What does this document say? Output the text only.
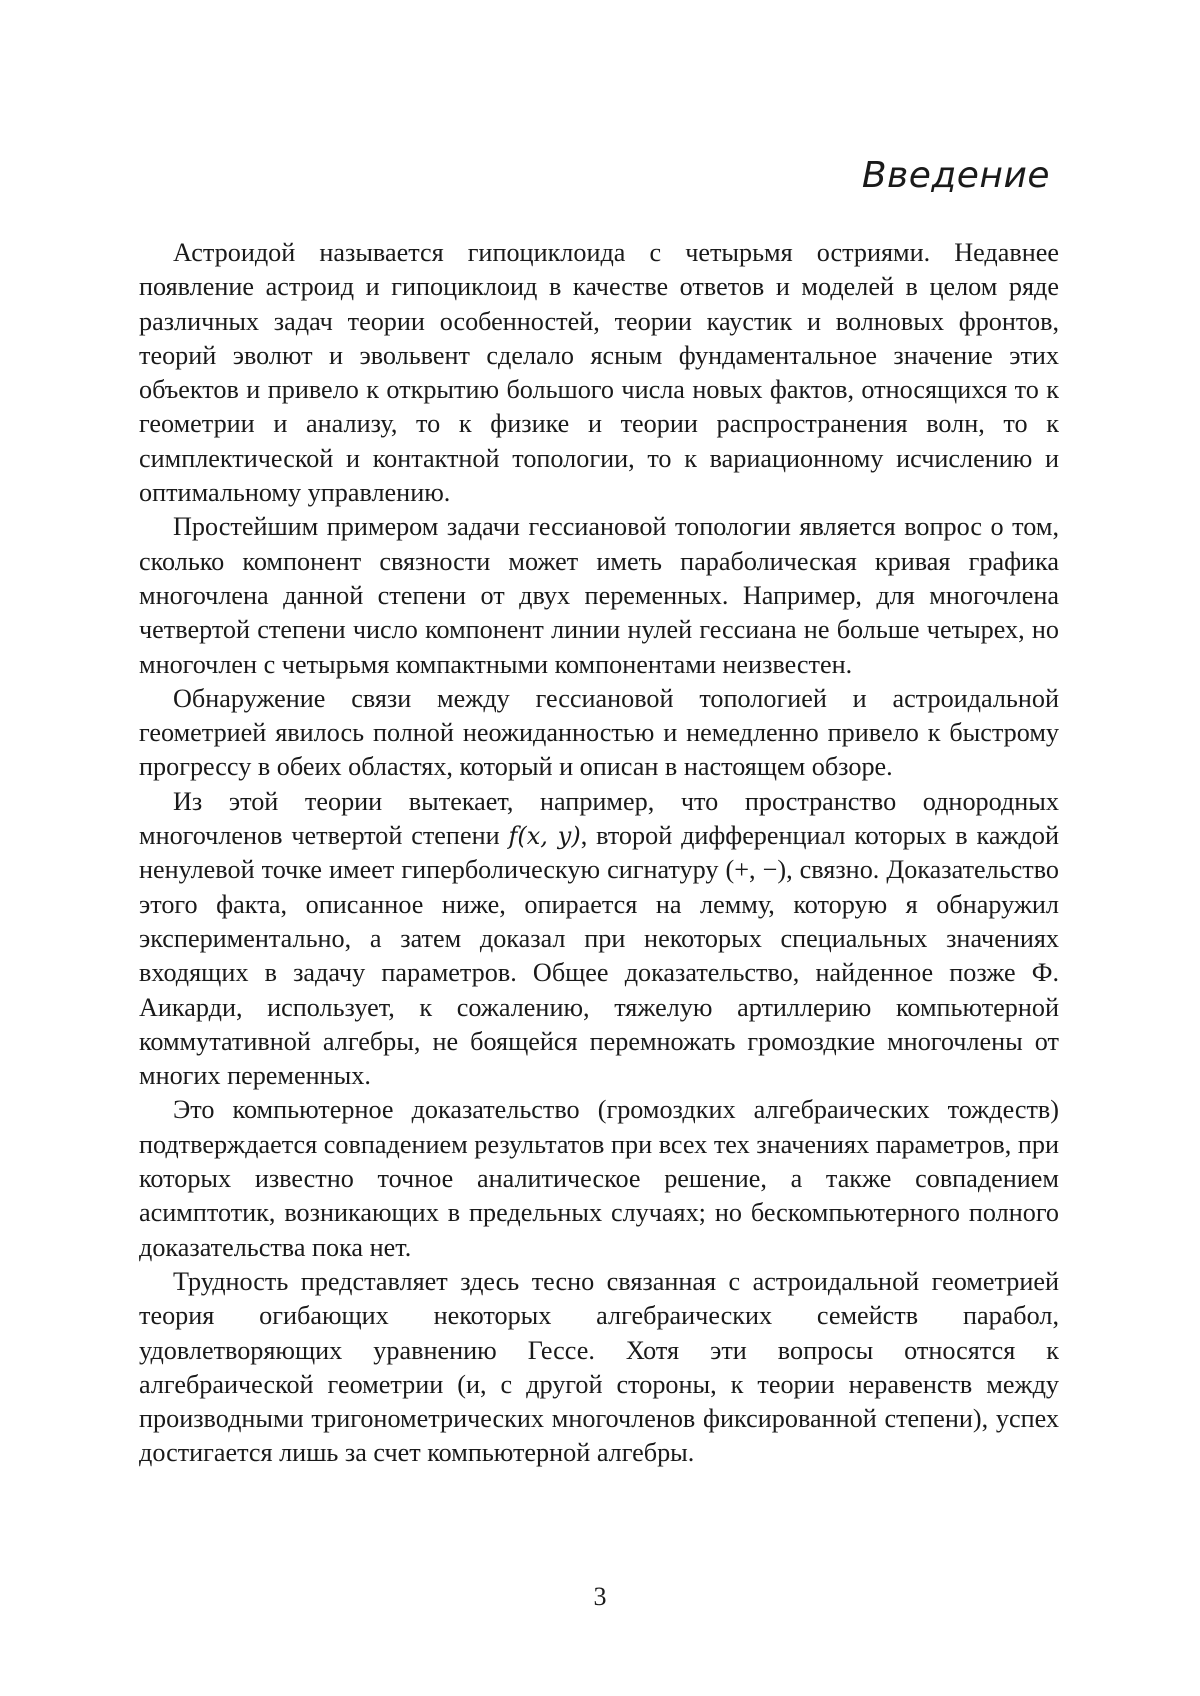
Введение

Астроидой называется гипоциклоида с четырьмя остриями. Недавнее появление астроид и гипоциклоид в качестве ответов и моделей в целом ряде различных задач теории особенностей, теории каустик и волновых фронтов, теорий эволют и эвольвент сделало ясным фундаментальное значение этих объектов и привело к открытию большого числа новых фактов, относящихся то к геометрии и анализу, то к физике и теории распространения волн, то к симплектической и контактной топологии, то к вариационному исчислению и оптимальному управлению.

Простейшим примером задачи гессиановой топологии является вопрос о том, сколько компонент связности может иметь параболическая кривая графика многочлена данной степени от двух переменных. Например, для многочлена четвертой степени число компонент линии нулей гессиана не больше четырех, но многочлен с четырьмя компактными компонентами неизвестен.

Обнаружение связи между гессиановой топологией и астроидальной геометрией явилось полной неожиданностью и немедленно привело к быстрому прогрессу в обеих областях, который и описан в настоящем обзоре.

Из этой теории вытекает, например, что пространство однородных многочленов четвертой степени f(x, y), второй дифференциал которых в каждой ненулевой точке имеет гиперболическую сигнатуру (+, −), связно. Доказательство этого факта, описанное ниже, опирается на лемму, которую я обнаружил экспериментально, а затем доказал при некоторых специальных значениях входящих в задачу параметров. Общее доказательство, найденное позже Ф. Аикарди, использует, к сожалению, тяжелую артиллерию компьютерной коммутативной алгебры, не боящейся перемножать громоздкие многочлены от многих переменных.

Это компьютерное доказательство (громоздких алгебраических тождеств) подтверждается совпадением результатов при всех тех значениях параметров, при которых известно точное аналитическое решение, а также совпадением асимптотик, возникающих в предельных случаях; но бескомпьютерного полного доказательства пока нет.

Трудность представляет здесь тесно связанная с астроидальной геометрией теория огибающих некоторых алгебраических семейств парабол, удовлетворяющих уравнению Гессе. Хотя эти вопросы относятся к алгебраической геометрии (и, с другой стороны, к теории неравенств между производными тригонометрических многочленов фиксированной степени), успех достигается лишь за счет компьютерной алгебры.

3
